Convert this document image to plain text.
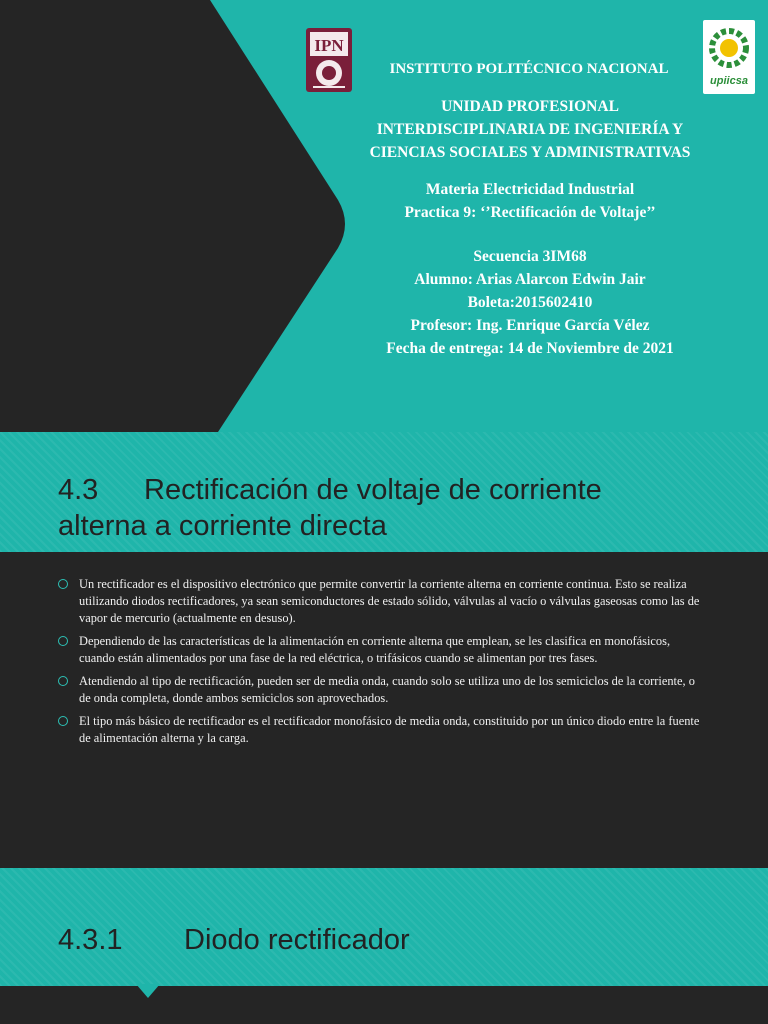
IPN
upiicsa
INSTITUTO POLITÉCNICO NACIONAL
UNIDAD PROFESIONAL
INTERDISCIPLINARIA DE INGENIERÍA Y
CIENCIAS SOCIALES Y ADMINISTRATIVAS
Materia Electricidad Industrial
Practica 9: ‘’Rectificación de Voltaje’’
Secuencia 3IM68
Alumno: Arias Alarcon Edwin Jair
Boleta:2015602410
Profesor: Ing. Enrique García Vélez
Fecha de entrega: 14 de Noviembre de 2021
4.3 Rectificación de voltaje de corriente
alterna a corriente directa
Un rectificador es el dispositivo electrónico que permite convertir la corriente alterna en corriente continua. Esto se realiza utilizando diodos rectificadores, ya sean semiconductores de estado sólido, válvulas al vacío o válvulas gaseosas como las de vapor de mercurio (actualmente en desuso).
Dependiendo de las características de la alimentación en corriente alterna que emplean, se les clasifica en monofásicos, cuando están alimentados por una fase de la red eléctrica, o trifásicos cuando se alimentan por tres fases.
Atendiendo al tipo de rectificación, pueden ser de media onda, cuando solo se utiliza uno de los semiciclos de la corriente, o de onda completa, donde ambos semiciclos son aprovechados.
El tipo más básico de rectificador es el rectificador monofásico de media onda, constituido por un único diodo entre la fuente de alimentación alterna y la carga.
4.3.1 Diodo rectificador
